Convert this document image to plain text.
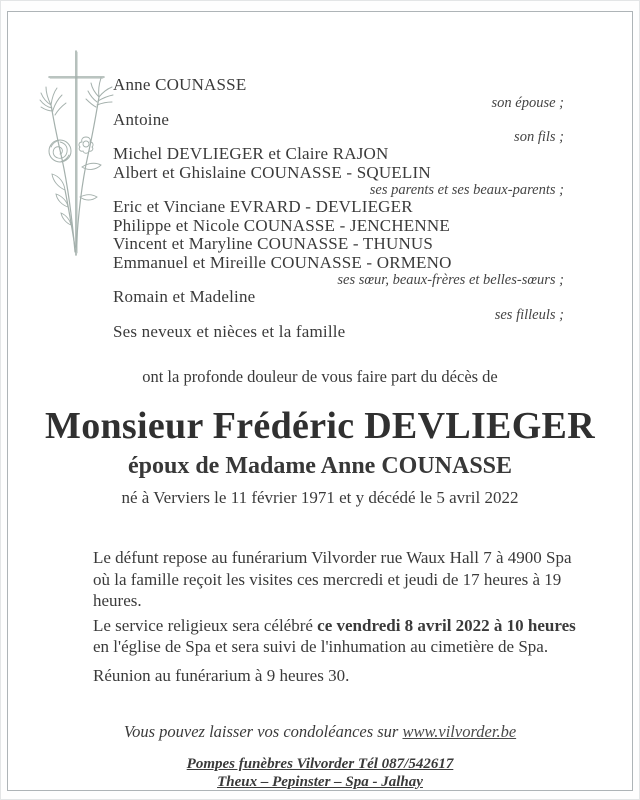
Anne COUNASSE
son épouse ;
Antoine
son fils ;
Michel DEVLIEGER et Claire RAJON
Albert et Ghislaine COUNASSE - SQUELIN
ses parents et ses beaux-parents ;
Eric et Vinciane EVRARD - DEVLIEGER
Philippe et Nicole COUNASSE - JENCHENNE
Vincent et Maryline COUNASSE - THUNUS
Emmanuel et Mireille COUNASSE - ORMENO
ses sœur, beaux-frères et belles-sœurs ;
Romain et Madeline
ses filleuls ;
Ses neveux et nièces et la famille
ont la profonde douleur de vous faire part du décès de
Monsieur Frédéric DEVLIEGER
époux de Madame Anne COUNASSE
né à Verviers le 11 février 1971 et y décédé le 5 avril 2022

Le défunt repose au funérarium Vilvorder rue Waux Hall 7 à 4900 Spa
où la famille reçoit les visites ces mercredi et jeudi de 17 heures à 19 heures.

Le service religieux sera célébré ce vendredi 8 avril 2022 à 10 heures
en l'église de Spa et sera suivi de l'inhumation au cimetière de Spa.

Réunion au funérarium à 9 heures 30.

Vous pouvez laisser vos condoléances sur www.vilvorder.be
Pompes funèbres Vilvorder Tél 087/542617
Theux – Pepinster – Spa - Jalhay
